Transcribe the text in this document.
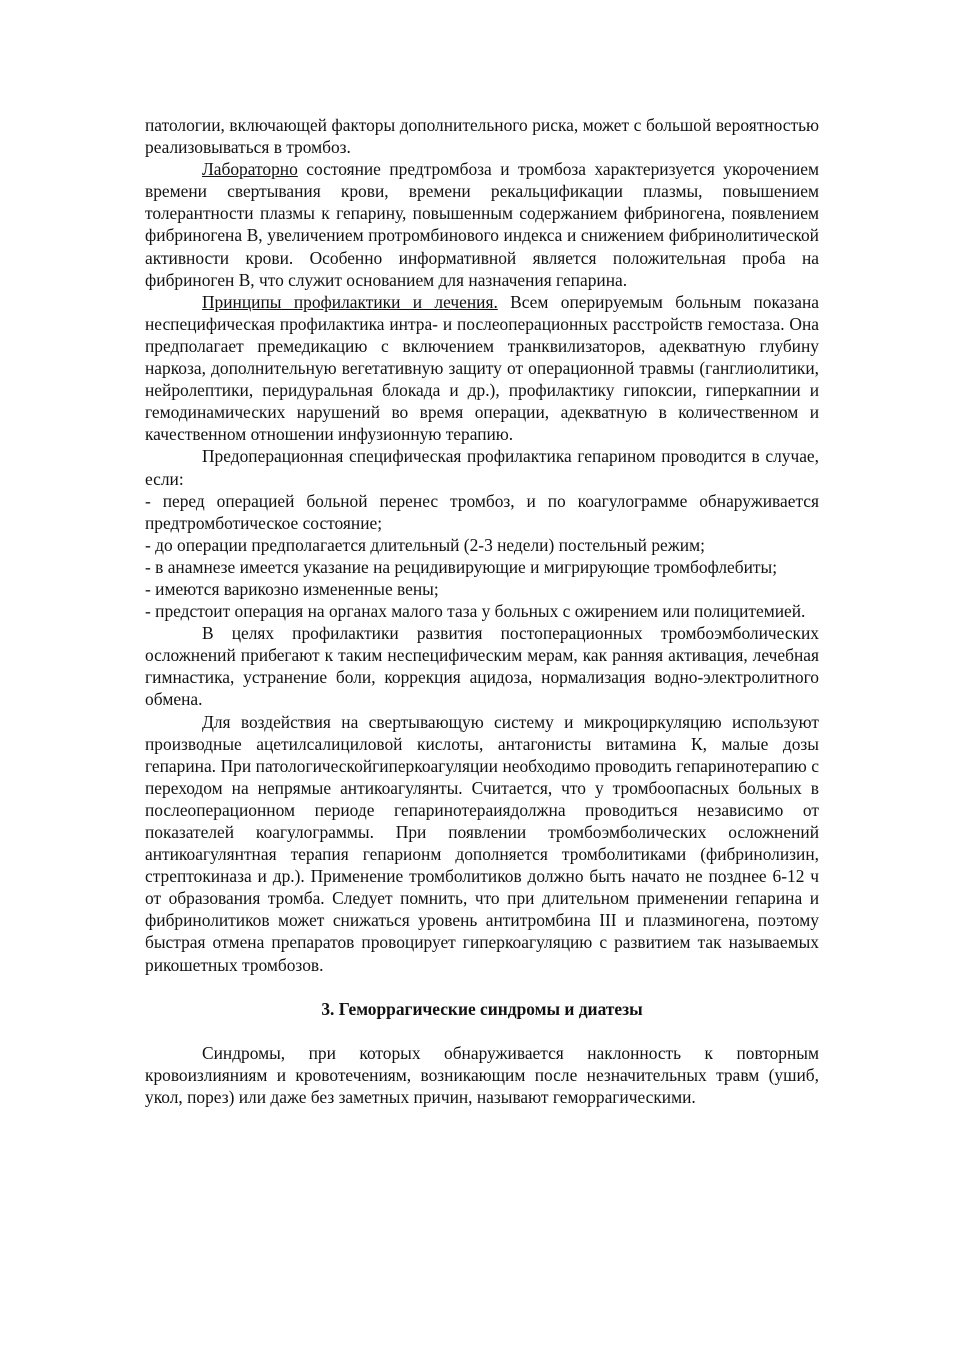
патологии, включающей факторы дополнительного риска, может с большой вероятностью реализовываться в тромбоз.

Лабораторно состояние предтромбоза и тромбоза характеризуется укорочением времени свертывания крови, времени рекальцификации плазмы, повышением толерантности плазмы к гепарину, повышенным содержанием фибриногена, появлением фибриногена В, увеличением протромбинового индекса и снижением фибринолитической активности крови. Особенно информативной является положительная проба на фибриноген В, что служит основанием для назначения гепарина.

Принципы профилактики и лечения. Всем оперируемым больным показана неспецифическая профилактика интра- и послеоперационных расстройств гемостаза. Она предполагает премедикацию с включением транквилизаторов, адекватную глубину наркоза, дополнительную вегетативную защиту от операционной травмы (ганглиолитики, нейролептики, перидуральная блокада и др.), профилактику гипоксии, гиперкапнии и гемодинамических нарушений во время операции, адекватную в количественном и качественном отношении инфузионную терапию.

Предоперационная специфическая профилактика гепарином проводится в случае, если:

- перед операцией больной перенес тромбоз, и по коагулограмме обнаруживается предтромботическое состояние;

- до операции предполагается длительный (2-3 недели) постельный режим;

- в анамнезе имеется указание на рецидивирующие и мигрирующие тромбофлебиты;

- имеются варикозно измененные вены;

- предстоит операция на органах малого таза у больных с ожирением или полицитемией.

В целях профилактики развития постоперационных тромбоэмболических осложнений прибегают к таким неспецифическим мерам, как ранняя активация, лечебная гимнастика, устранение боли, коррекция ацидоза, нормализация водно-электролитного обмена.

Для воздействия на свертывающую систему и микроциркуляцию используют производные ацетилсалициловой кислоты, антагонисты витамина К, малые дозы гепарина. При патологическойгиперкоагуляции необходимо проводить гепаринотерапию с переходом на непрямые антикоагулянты. Считается, что у тромбоопасных больных в послеоперационном периоде гепаринотераиядолжна проводиться независимо от показателей коагулограммы. При появлении тромбоэмболических осложнений антикоагулянтная терапия гепарионм дополняется тромболитиками (фибринолизин, стрептокиназа и др.). Применение тромболитиков должно быть начато не позднее 6-12 ч от образования тромба. Следует помнить, что при длительном применении гепарина и фибринолитиков может снижаться уровень антитромбина III и плазминогена, поэтому быстрая отмена препаратов провоцирует гиперкоагуляцию с развитием так называемых рикошетных тромбозов.

3. Геморрагические синдромы и диатезы

Синдромы, при которых обнаруживается наклонность к повторным кровоизлияниям и кровотечениям, возникающим после незначительных травм (ушиб, укол, порез) или даже без заметных причин, называют геморрагическими.
